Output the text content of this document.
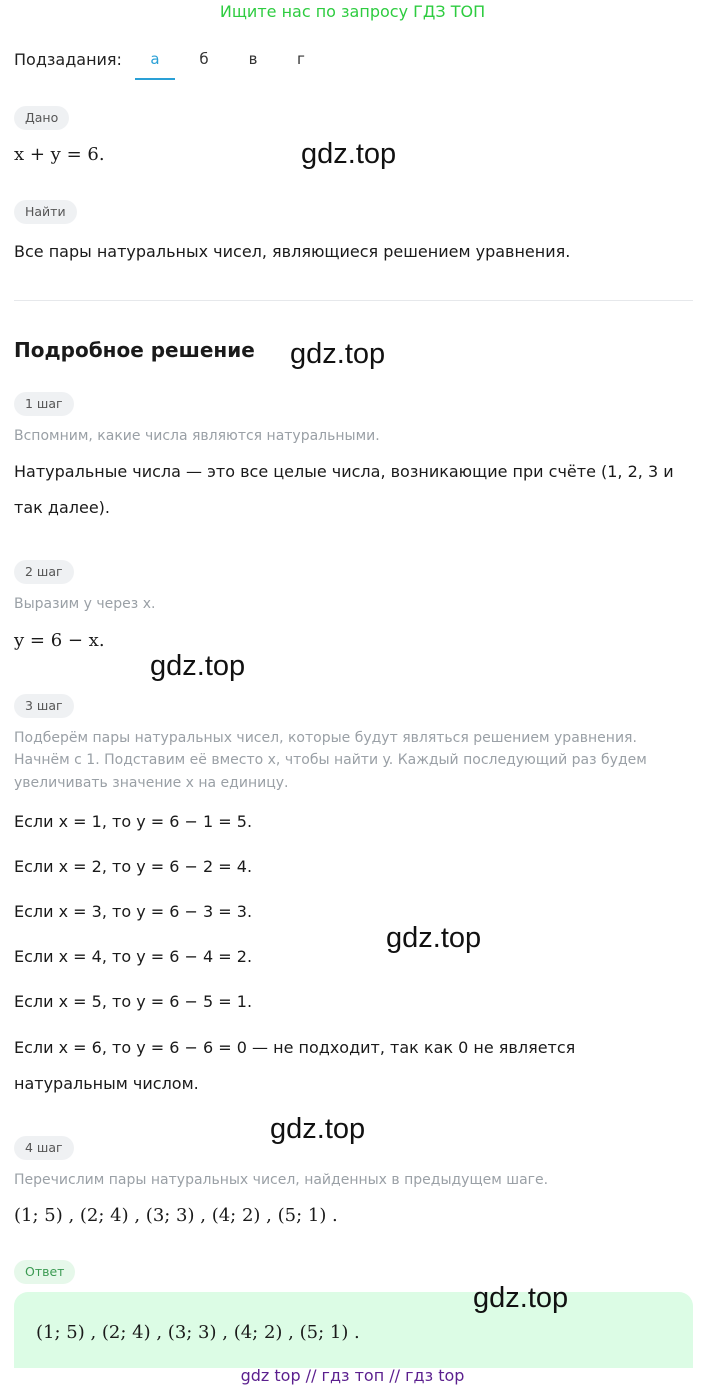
Ищите нас по запросу ГДЗ ТОП
Подзадания:	а	б	в	г
Дано
x + y = 6.
Найти
Все пары натуральных чисел, являющиеся решением уравнения.
Подробное решение
1 шаг
Вспомним, какие числа являются натуральными.
Натуральные числа — это все целые числа, возникающие при счёте (1, 2, 3 и
так далее).
2 шаг
Выразим y через x.
y = 6 − x.
3 шаг
Подберём пары натуральных чисел, которые будут являться решением уравнения.
Начнём с 1. Подставим её вместо x, чтобы найти y. Каждый последующий раз будем
увеличивать значение x на единицу.
Если x = 1, то y = 6 − 1 = 5.
Если x = 2, то y = 6 − 2 = 4.
Если x = 3, то y = 6 − 3 = 3.
Если x = 4, то y = 6 − 4 = 2.
Если x = 5, то y = 6 − 5 = 1.
Если x = 6, то y = 6 − 6 = 0 — не подходит, так как 0 не является
натуральным числом.
4 шаг
Перечислим пары натуральных чисел, найденных в предыдущем шаге.
(1; 5) , (2; 4) , (3; 3) , (4; 2) , (5; 1) .
Ответ
(1; 5) , (2; 4) , (3; 3) , (4; 2) , (5; 1) .
gdz.top
gdz.top
gdz.top
gdz.top
gdz.top
gdz.top
gdz top // гдз топ // гдз top
